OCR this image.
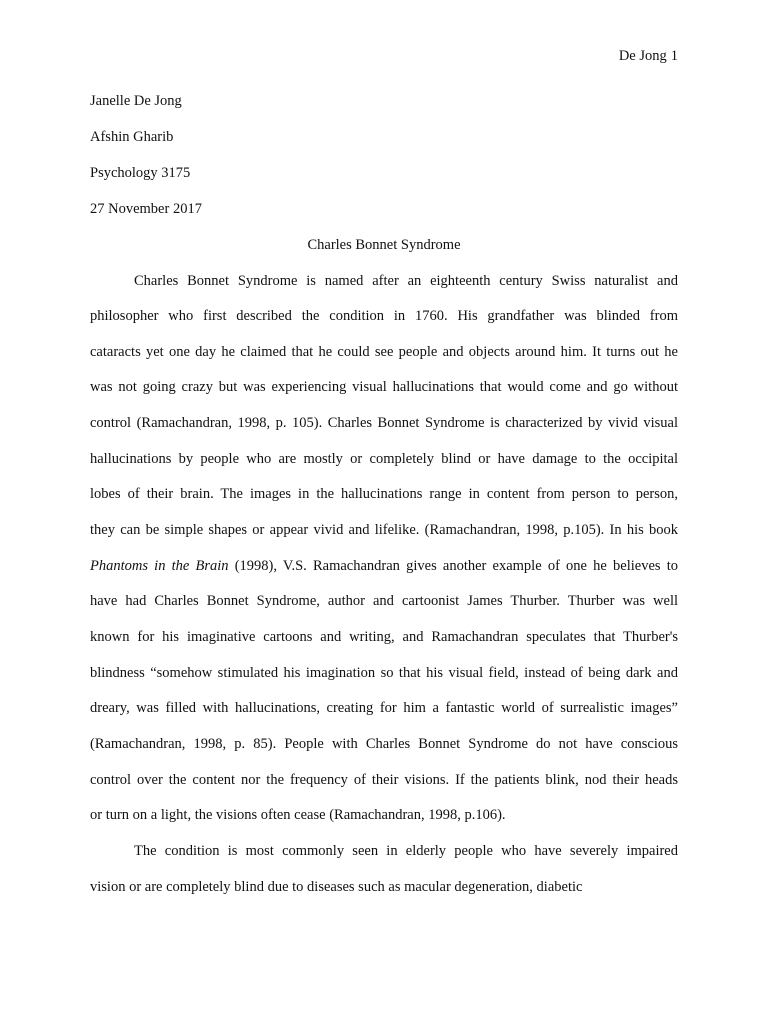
De Jong 1
Janelle De Jong
Afshin Gharib
Psychology 3175
27 November 2017
Charles Bonnet Syndrome
Charles Bonnet Syndrome is named after an eighteenth century Swiss naturalist and
philosopher who first described the condition in 1760. His grandfather was blinded from
cataracts yet one day he claimed that he could see people and objects around him. It turns out he
was not going crazy but was experiencing visual hallucinations that would come and go without
control (Ramachandran, 1998, p. 105). Charles Bonnet Syndrome is characterized by vivid visual
hallucinations by people who are mostly or completely blind or have damage to the occipital
lobes of their brain. The images in the hallucinations range in content from person to person,
they can be simple shapes or appear vivid and lifelike. (Ramachandran, 1998, p.105). In his book
Phantoms in the Brain (1998), V.S. Ramachandran gives another example of one he believes to
have had Charles Bonnet Syndrome, author and cartoonist James Thurber. Thurber was well
known for his imaginative cartoons and writing, and Ramachandran speculates that Thurber's
blindness “somehow stimulated his imagination so that his visual field, instead of being dark and
dreary, was filled with hallucinations, creating for him a fantastic world of surrealistic images”
(Ramachandran, 1998, p. 85). People with Charles Bonnet Syndrome do not have conscious
control over the content nor the frequency of their visions. If the patients blink, nod their heads
or turn on a light, the visions often cease (Ramachandran, 1998, p.106).
The condition is most commonly seen in elderly people who have severely impaired
vision or are completely blind due to diseases such as macular degeneration, diabetic
